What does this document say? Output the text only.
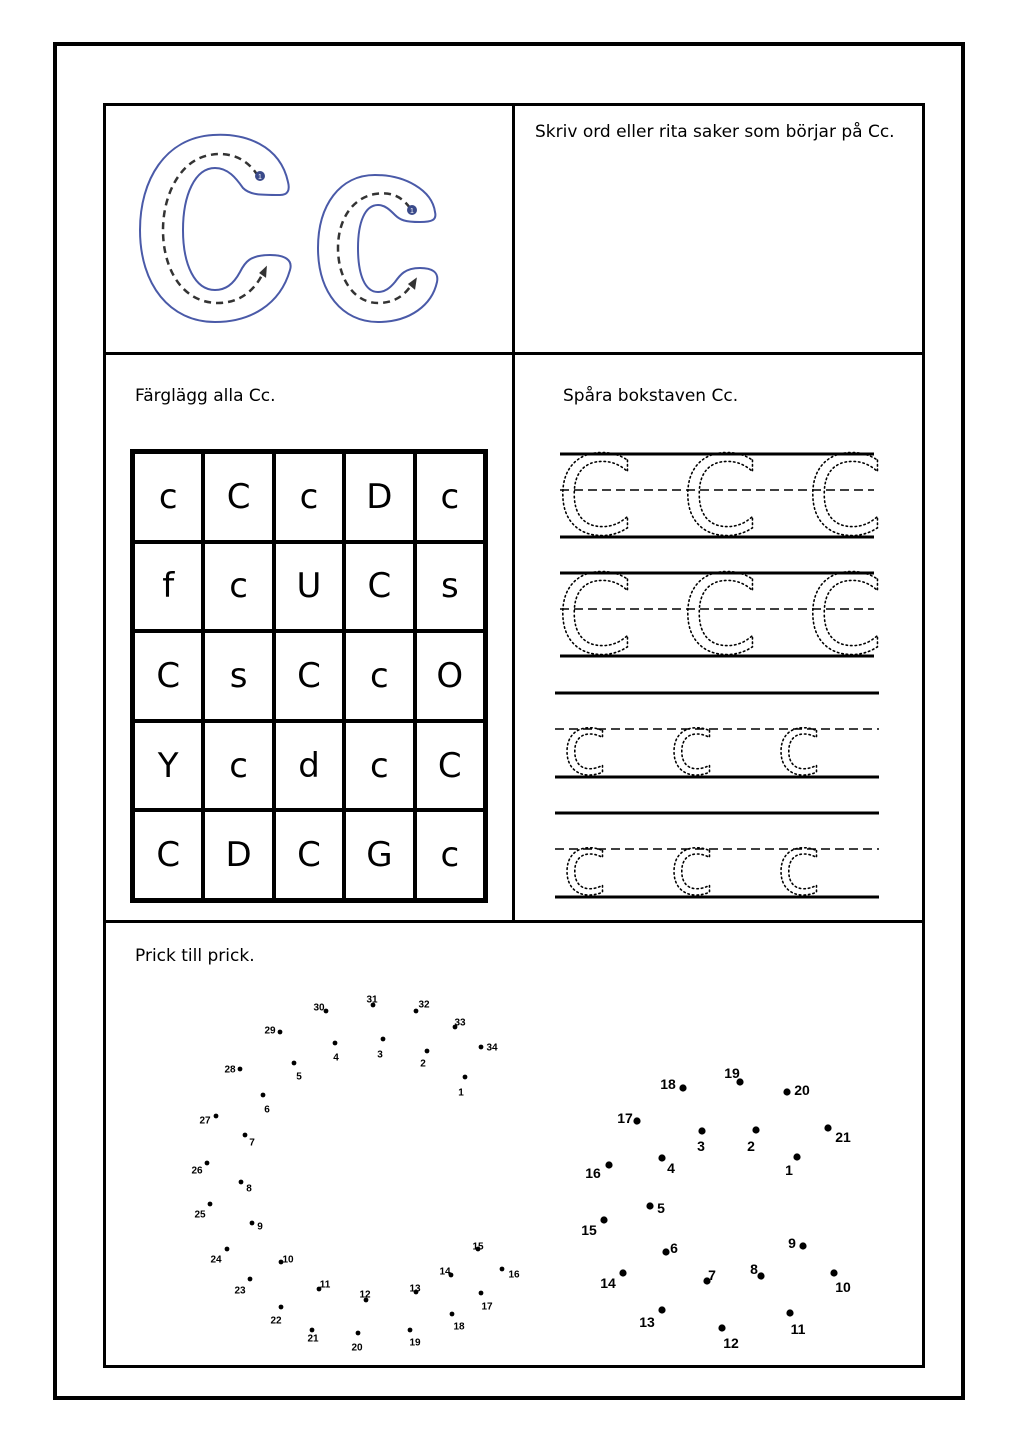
Skriv ord eller rita saker som börjar på Cc.
Färglägg alla Cc.	Spåra bokstaven Cc.
Prick till prick.
1
1
c	C	c	D	c
f	c	U	C	s
C	s	C	c	O
Y	c	d	c	C
C	D	C	G	c
C C C
C C C
c c c
c c c
1
2
3
4
5
6
7
8
9
10
11
12
13
14
15
16
17
18
19
20
21
22
23
24
25
26
27
28
29
30
31	32
33
34
1
2
3
4
5
6
7 8
9
10
11
12
13
14
15
16
17
18
19
20
21
